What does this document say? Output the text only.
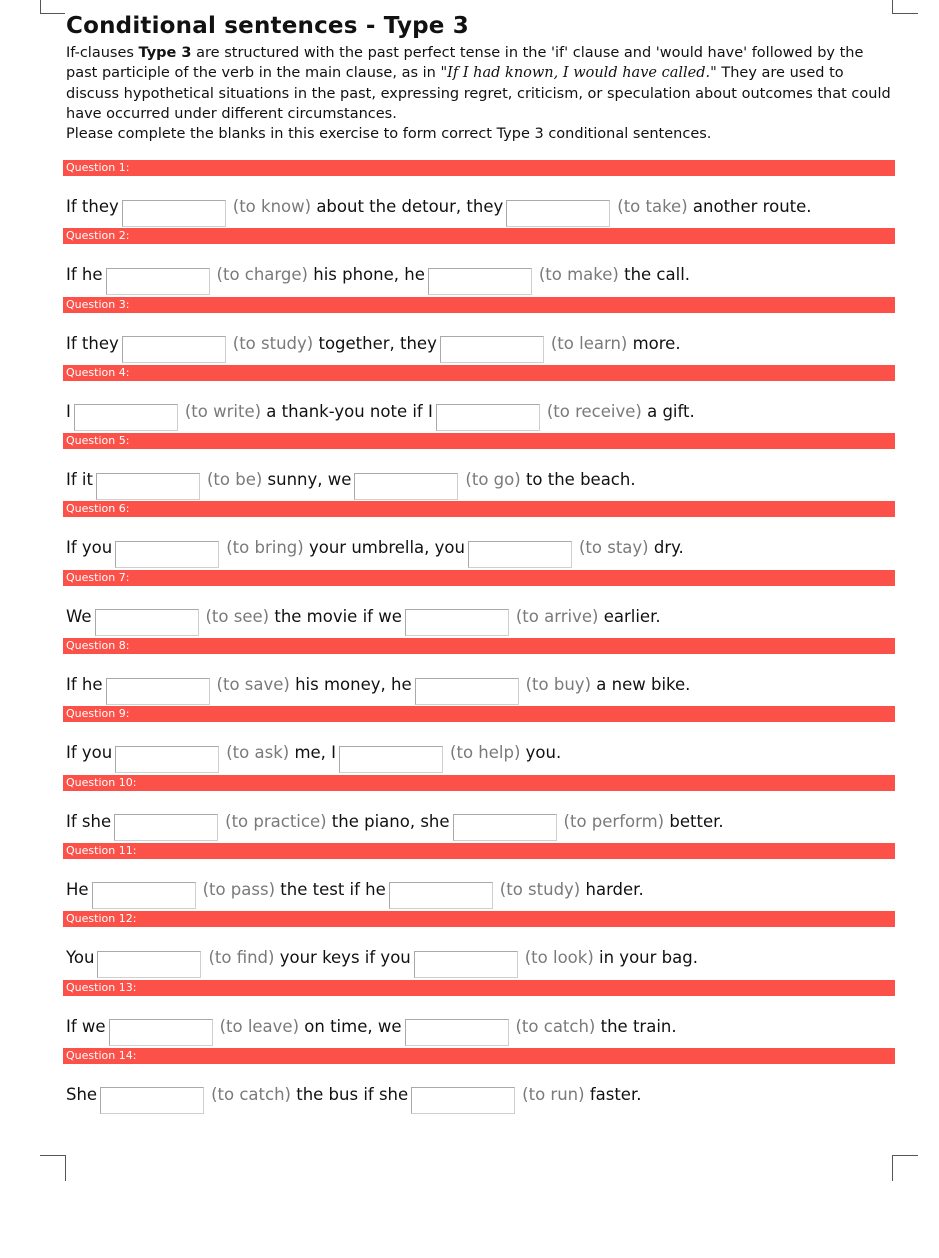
Conditional sentences - Type 3

If-clauses Type 3 are structured with the past perfect tense in the 'if' clause and 'would have' followed by the past participle of the verb in the main clause, as in "If I had known, I would have called." They are used to discuss hypothetical situations in the past, expressing regret, criticism, or speculation about outcomes that could have occurred under different circumstances.

Please complete the blanks in this exercise to form correct Type 3 conditional sentences.

Question 1:
If they	(to know) about the detour, they	(to take) another route.
Question 2:
If he	(to charge) his phone, he	(to make) the call.
Question 3:
If they	(to study) together, they	(to learn) more.
Question 4:
I	(to write) a thank-you note if I	(to receive) a gift.
Question 5:
If it	(to be) sunny, we	(to go) to the beach.
Question 6:
If you	(to bring) your umbrella, you	(to stay) dry.
Question 7:
We	(to see) the movie if we	(to arrive) earlier.
Question 8:
If he	(to save) his money, he	(to buy) a new bike.
Question 9:
If you	(to ask) me, I	(to help) you.
Question 10:
If she	(to practice) the piano, she	(to perform) better.
Question 11:
He	(to pass) the test if he	(to study) harder.
Question 12:
You	(to find) your keys if you	(to look) in your bag.
Question 13:
If we	(to leave) on time, we	(to catch) the train.
Question 14:
She	(to catch) the bus if she	(to run) faster.
